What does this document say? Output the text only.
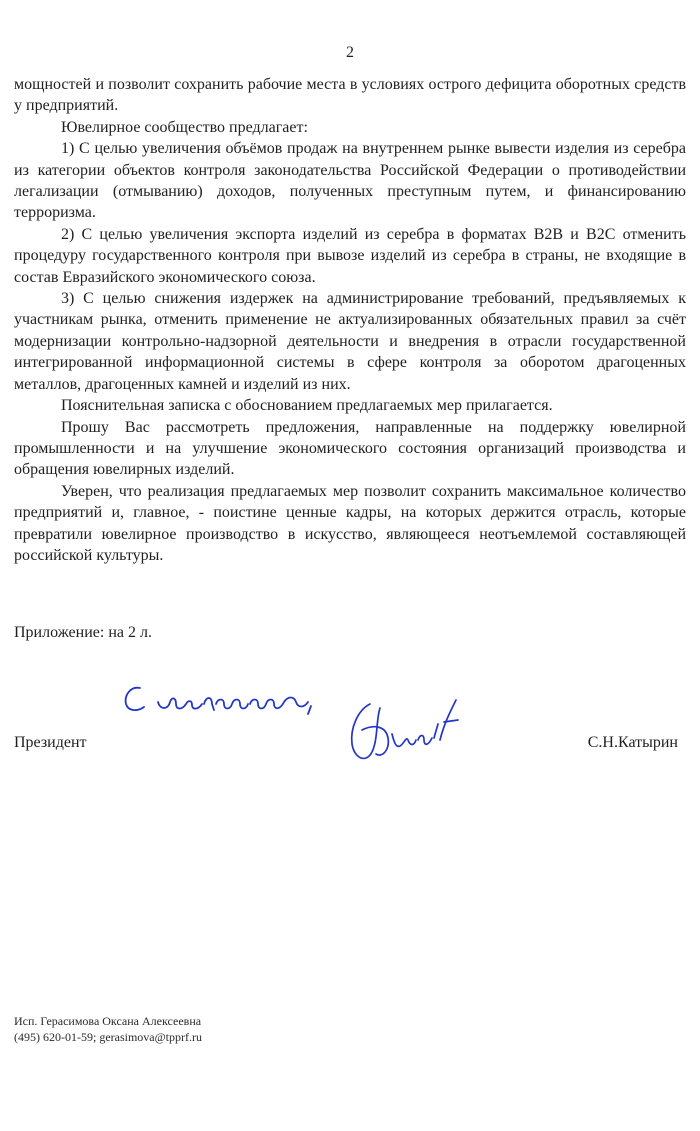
2

мощностей и позволит сохранить рабочие места в условиях острого дефицита оборотных средств у предприятий.

Ювелирное сообщество предлагает:

1) С целью увеличения объёмов продаж на внутреннем рынке вывести изделия из серебра из категории объектов контроля законодательства Российской Федерации о противодействии легализации (отмыванию) доходов, полученных преступным путем, и финансированию терроризма.

2) С целью увеличения экспорта изделий из серебра в форматах B2B и B2C отменить процедуру государственного контроля при вывозе изделий из серебра в страны, не входящие в состав Евразийского экономического союза.

3) С целью снижения издержек на администрирование требований, предъявляемых к участникам рынка, отменить применение не актуализированных обязательных правил за счёт модернизации контрольно-надзорной деятельности и внедрения в отрасли государственной интегрированной информационной системы в сфере контроля за оборотом драгоценных металлов, драгоценных камней и изделий из них.

Пояснительная записка с обоснованием предлагаемых мер прилагается.

Прошу Вас рассмотреть предложения, направленные на поддержку ювелирной промышленности и на улучшение экономического состояния организаций производства и обращения ювелирных изделий.

Уверен, что реализация предлагаемых мер позволит сохранить максимальное количество предприятий и, главное, - поистине ценные кадры, на которых держится отрасль, которые превратили ювелирное производство в искусство, являющееся неотъемлемой составляющей российской культуры.

Приложение: на 2 л.
Президент	С.Н.Катырин
Исп. Герасимова Оксана Алексеевна
(495) 620-01-59; gerasimova@tpprf.ru
